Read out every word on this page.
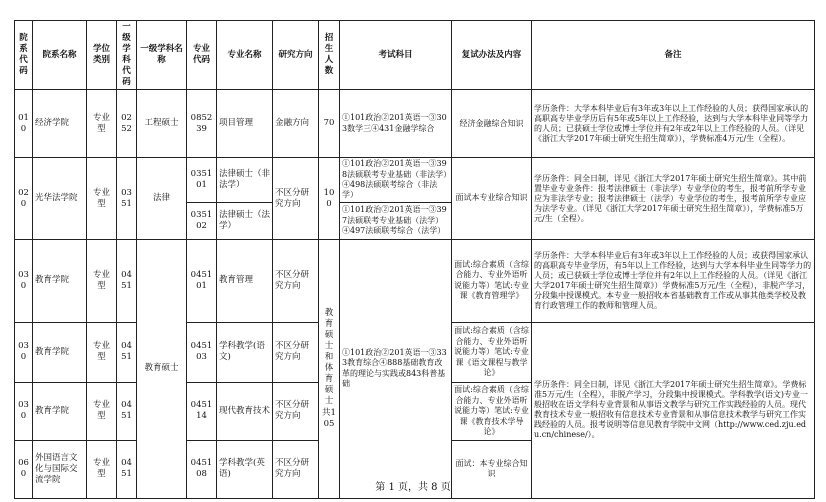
院系代码	院系名称	学位类别	一级学科代码	一级学科名称	专业代码	专业名称	研究方向	招生人数	考试科目	复试办法及内容	备注
010	经济学院	专业型	0252	工程硕士	085239	项目管理	金融方向	70	①101政治②201英语一③303数学三④431金融学综合	经济金融综合知识	学历条件：大学本科毕业后有3年或3年以上工作经验的人员；获得国家承认的高职高专毕业学历后有5年或5年以上工作经验，达到与大学本科毕业同等学力的人员；已获硕士学位或博士学位并有2年或2年以上工作经验的人员。（详见《浙江大学2017年硕士研究生招生简章》），学费标准4万元/生（全程）。
020	光华法学院	专业型	0351	法律	035101	法律硕士（非法学）	不区分研究方向	100	①101政治②201英语一③398法硕联考专业基础（非法学）④498法硕联考综合（非法学）	面试本专业综合知识	学历条件：同全日制，详见《浙江大学2017年硕士研究生招生简章》。其中前置毕业专业条件：报考法律硕士（非法学）专业学位的考生，报考前所学专业应为非法学专业；报考法律硕士（法学）专业学位的考生，报考前所学专业应为法学专业。（详见《浙江大学2017年硕士研究生招生简章》），学费标准5万元/生（全程）。
					035102	法律硕士（法学）			①101政治②201英语一③397法硕联考专业基础（法学）④497法硕联考综合（法学）		
030	教育学院	专业型	0451	教育硕士	045101	教育管理	不区分研究方向	教育硕士和体育硕士共105	①101政治②201英语一③333教育综合④888基础教育改革的理论与实践或843科普基础	面试:综合素质（含综合能力、专业外语听说能力等）笔试:专业课《教育管理学》	学历条件：大学本科毕业后有3年或3年以上工作经验的人员；或获得国家承认的高职高专毕业学历，有5年以上工作经验，达到与大学本科毕业生同等学力的人员；或已获硕士学位或博士学位并有2年以上工作经验的人员。（详见《浙江大学2017年硕士研究生招生简章》）学费标准5万元/生（全程），非脱产学习，分段集中授课模式。本专业一般招收本省基础教育工作或从事其他类学校及教育行政管理工作的教师和管理人员。
030	教育学院	专业型	0451		045103	学科教学(语文)	不区分研究方向			面试:综合素质（含综合能力、专业外语听说能力等）笔试:专业课《语文课程与教学论》	学历条件：同全日制，详见《浙江大学2017年硕士研究生招生简章》。学费标准5万元/生（全程），非脱产学习，分段集中授课模式。学科教学(语文)专业一般招收在语文学科专业背景和从事语文教学与研究工作实践经验的人员。现代教育技术专业一般招收有信息技术专业背景和从事信息技术教学与研究工作实践经验的人员。报考说明等信息见教育学院中文网（http://www.ced.zju.edu.cn/chinese/）。
030	教育学院	专业型	0451		045114	现代教育技术	不区分研究方向			面试:综合素质（含综合能力、专业外语听说能力等）笔试:专业课《教育技术学导论》	
060	外国语言文化与国际交流学院	专业型	0451		045108	学科教学(英语)	不区分研究方向			面试：本专业综合知识	
第 1 页，共 8 页
